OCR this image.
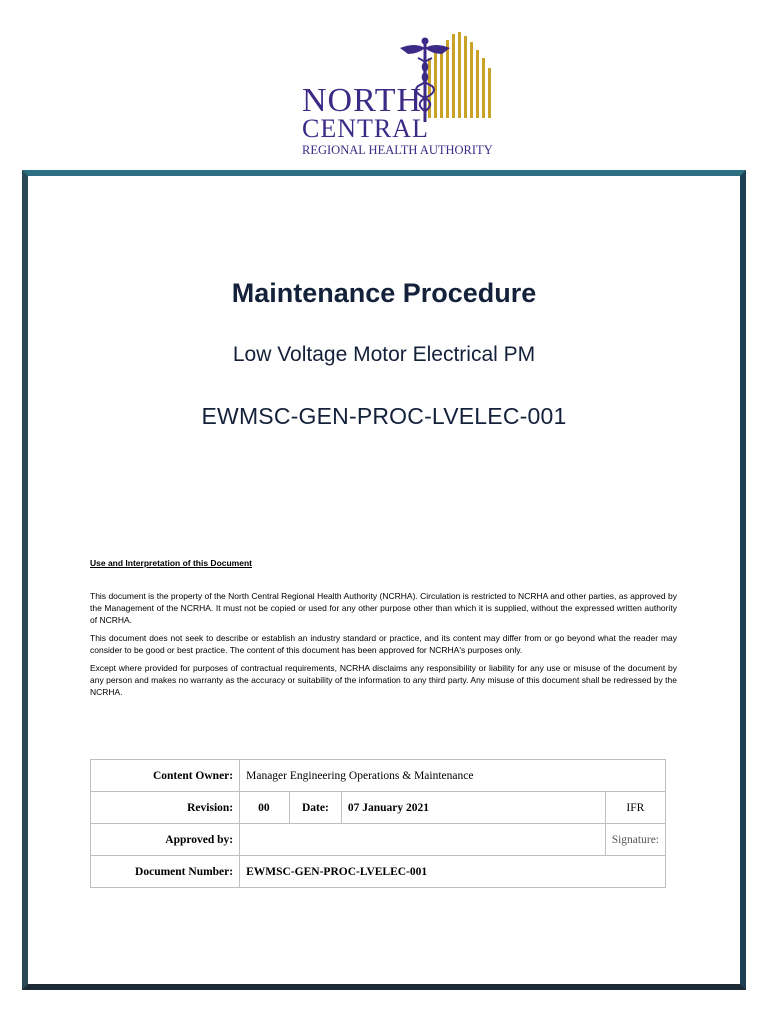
NORTH
CENTRAL
REGIONAL HEALTH AUTHORITY
Maintenance Procedure
Low Voltage Motor Electrical PM
EWMSC-GEN-PROC-LVELEC-001
Use and Interpretation of this Document

This document is the property of the North Central Regional Health Authority (NCRHA). Circulation is restricted to NCRHA and other parties, as approved by the Management of the NCRHA. It must not be copied or used for any other purpose other than which it is supplied, without the expressed written authority of NCRHA.

This document does not seek to describe or establish an industry standard or practice, and its content may differ from or go beyond what the reader may consider to be good or best practice. The content of this document has been approved for NCRHA's purposes only.

Except where provided for purposes of contractual requirements, NCRHA disclaims any responsibility or liability for any use or misuse of the document by any person and makes no warranty as the accuracy or suitability of the information to any third party. Any misuse of this document shall be redressed by the NCRHA.

Content Owner:	Manager Engineering Operations & Maintenance			
Revision:	00	Date:	07 January 2021	IFR
Approved by:				Signature:
Document Number:	EWMSC-GEN-PROC-LVELEC-001			
